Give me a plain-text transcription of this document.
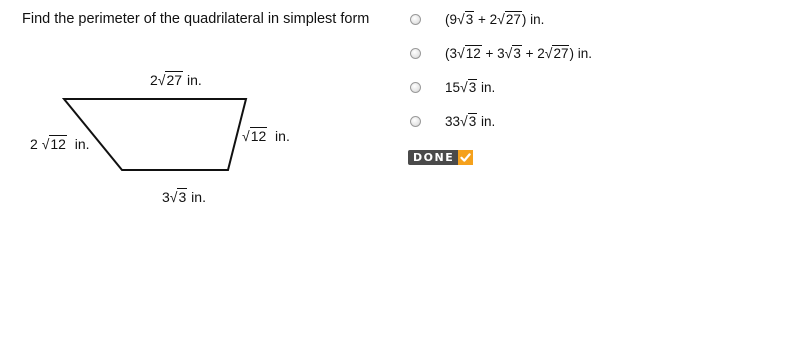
Find the perimeter of the quadrilateral in simplest form
2√27 in.
2 √12 in.	√12 in.
3√3 in.
(9√3 + 2√27) in.
(3√12 + 3√3 + 2√27) in.
15√3 in.
33√3 in.
DONE
